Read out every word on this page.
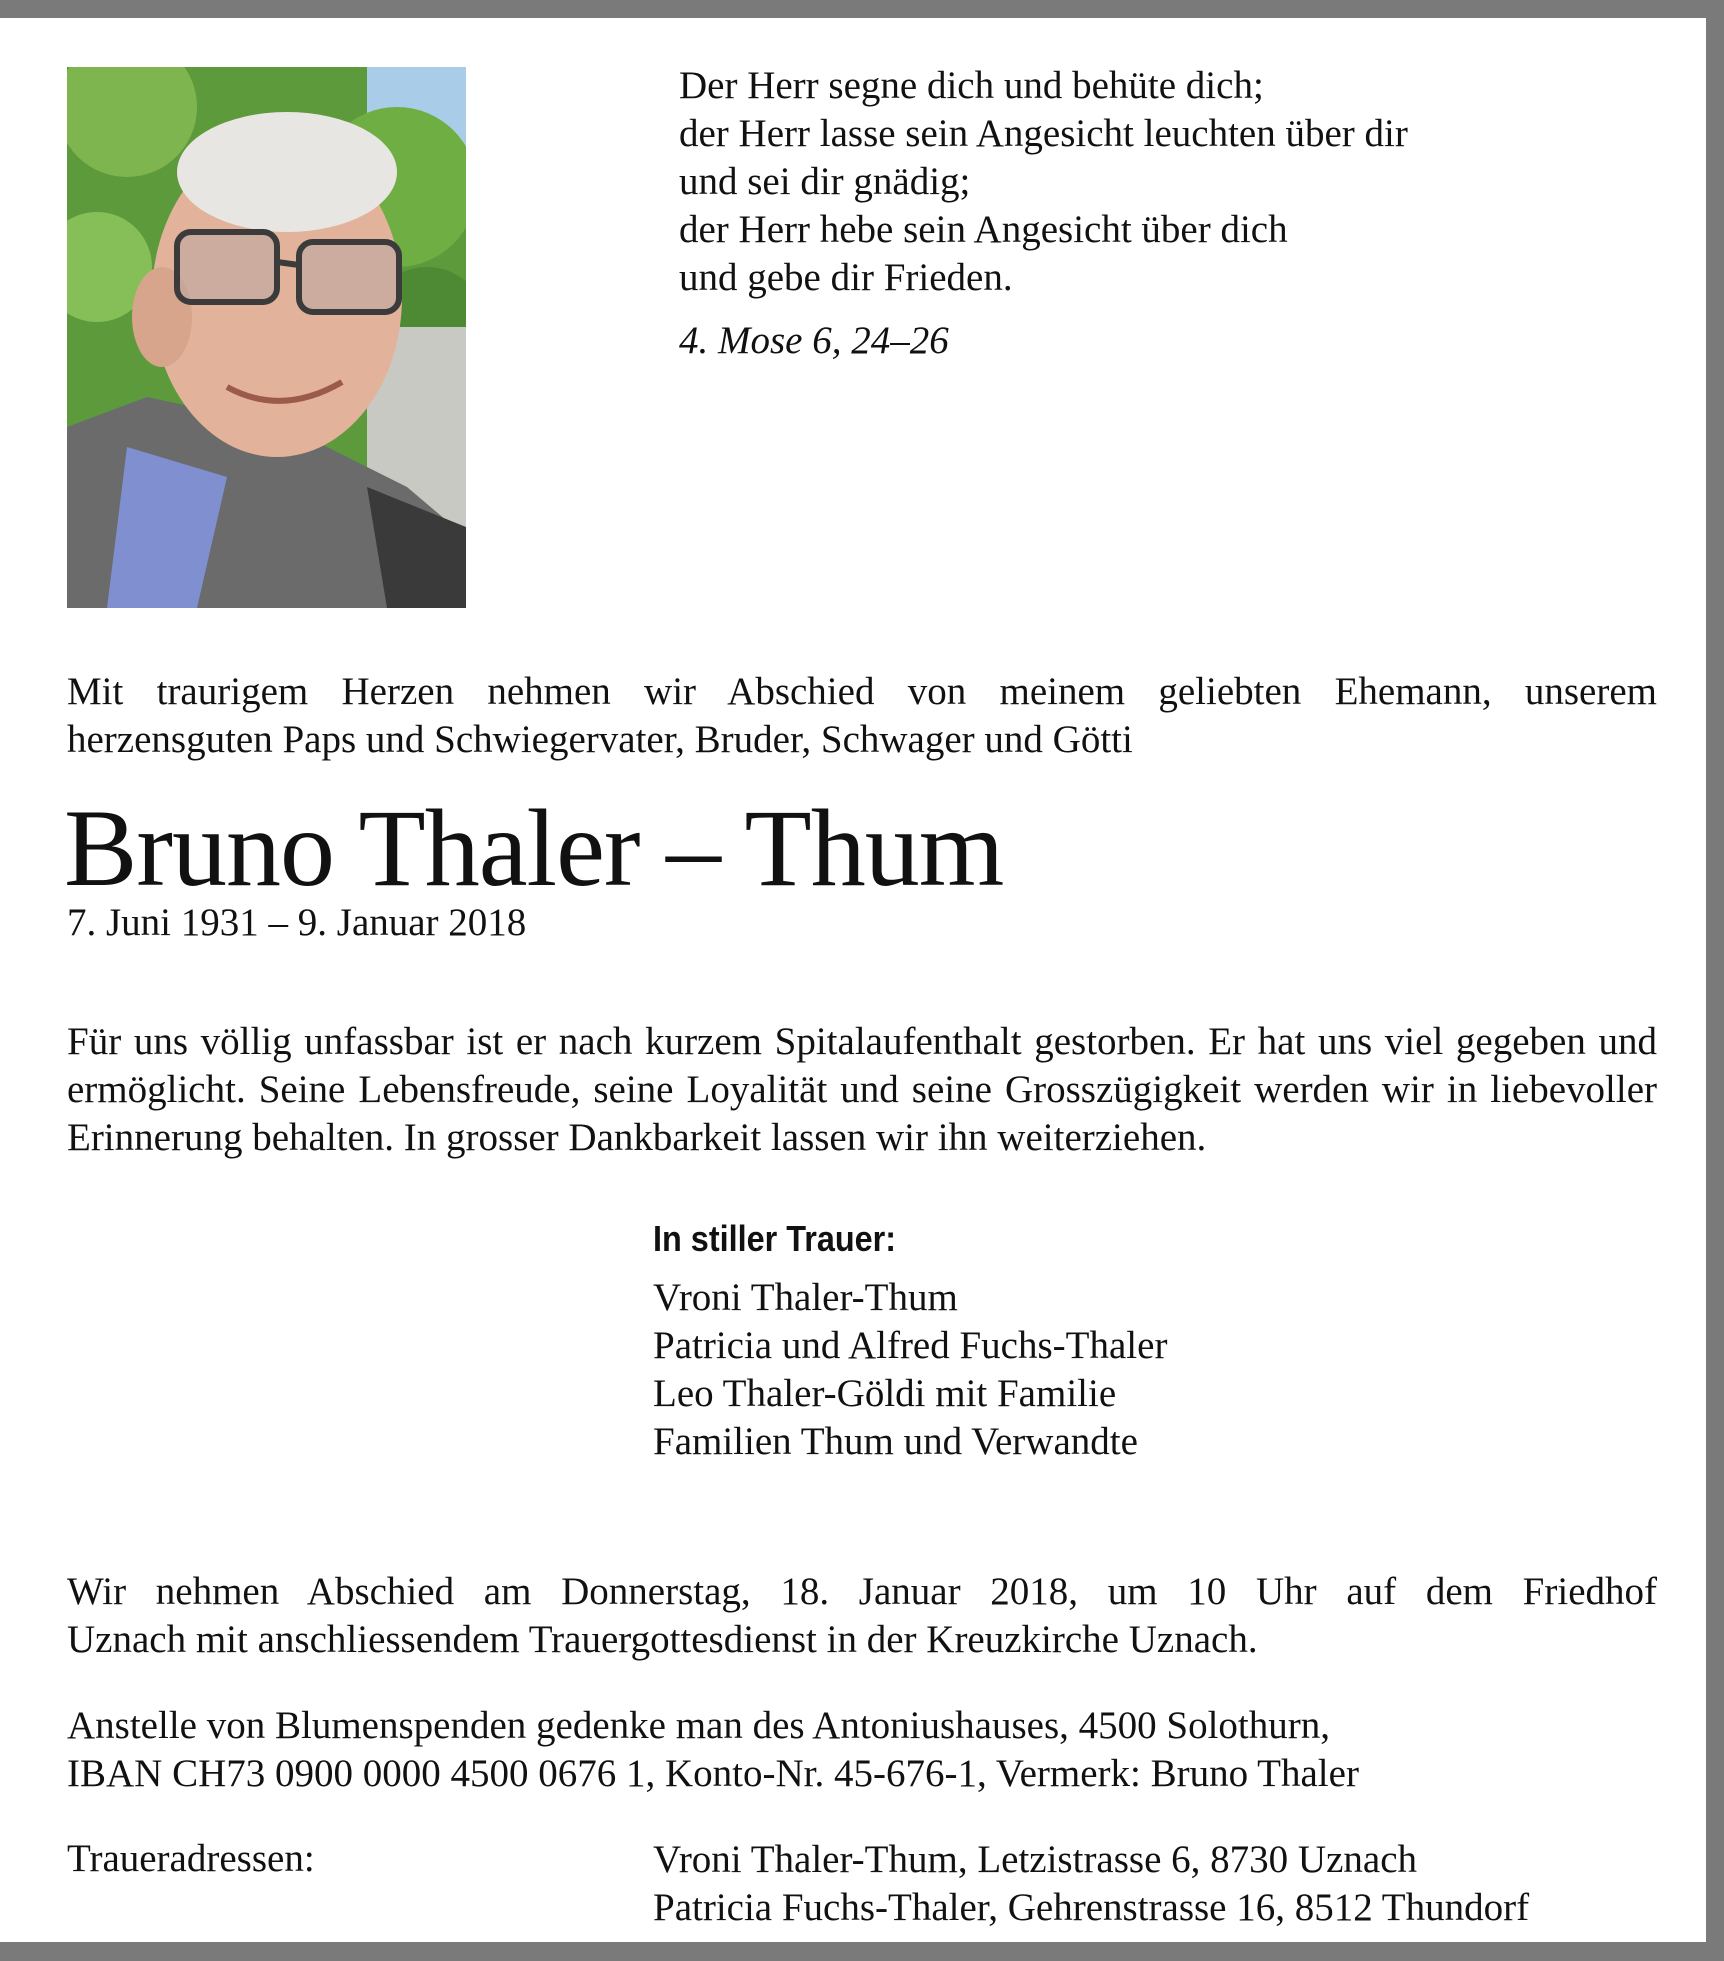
Der Herr segne dich und behüte dich;
der Herr lasse sein Angesicht leuchten über dir
und sei dir gnädig;
der Herr hebe sein Angesicht über dich
und gebe dir Frieden.
4. Mose 6, 24–26
Mit traurigem Herzen nehmen wir Abschied von meinem geliebten Ehemann, unserem
herzensguten Paps und Schwiegervater, Bruder, Schwager und Götti
Bruno Thaler – Thum
7. Juni 1931 – 9. Januar 2018
Für uns völlig unfassbar ist er nach kurzem Spitalaufenthalt gestorben. Er hat uns viel gegeben und ermöglicht. Seine Lebensfreude, seine Loyalität und seine Grosszügigkeit werden wir in liebevoller Erinnerung behalten. In grosser Dankbarkeit lassen wir ihn weiterziehen.
In stiller Trauer:
Vroni Thaler-Thum
Patricia und Alfred Fuchs-Thaler
Leo Thaler-Göldi mit Familie
Familien Thum und Verwandte
Wir nehmen Abschied am Donnerstag, 18. Januar 2018, um 10 Uhr auf dem Friedhof
Uznach mit anschliessendem Trauergottesdienst in der Kreuzkirche Uznach.
Anstelle von Blumenspenden gedenke man des Antoniushauses, 4500 Solothurn,
IBAN CH73 0900 0000 4500 0676 1, Konto-Nr. 45-676-1, Vermerk: Bruno Thaler
Traueradressen:	Vroni Thaler-Thum, Letzistrasse 6, 8730 Uznach
Patricia Fuchs-Thaler, Gehrenstrasse 16, 8512 Thundorf
